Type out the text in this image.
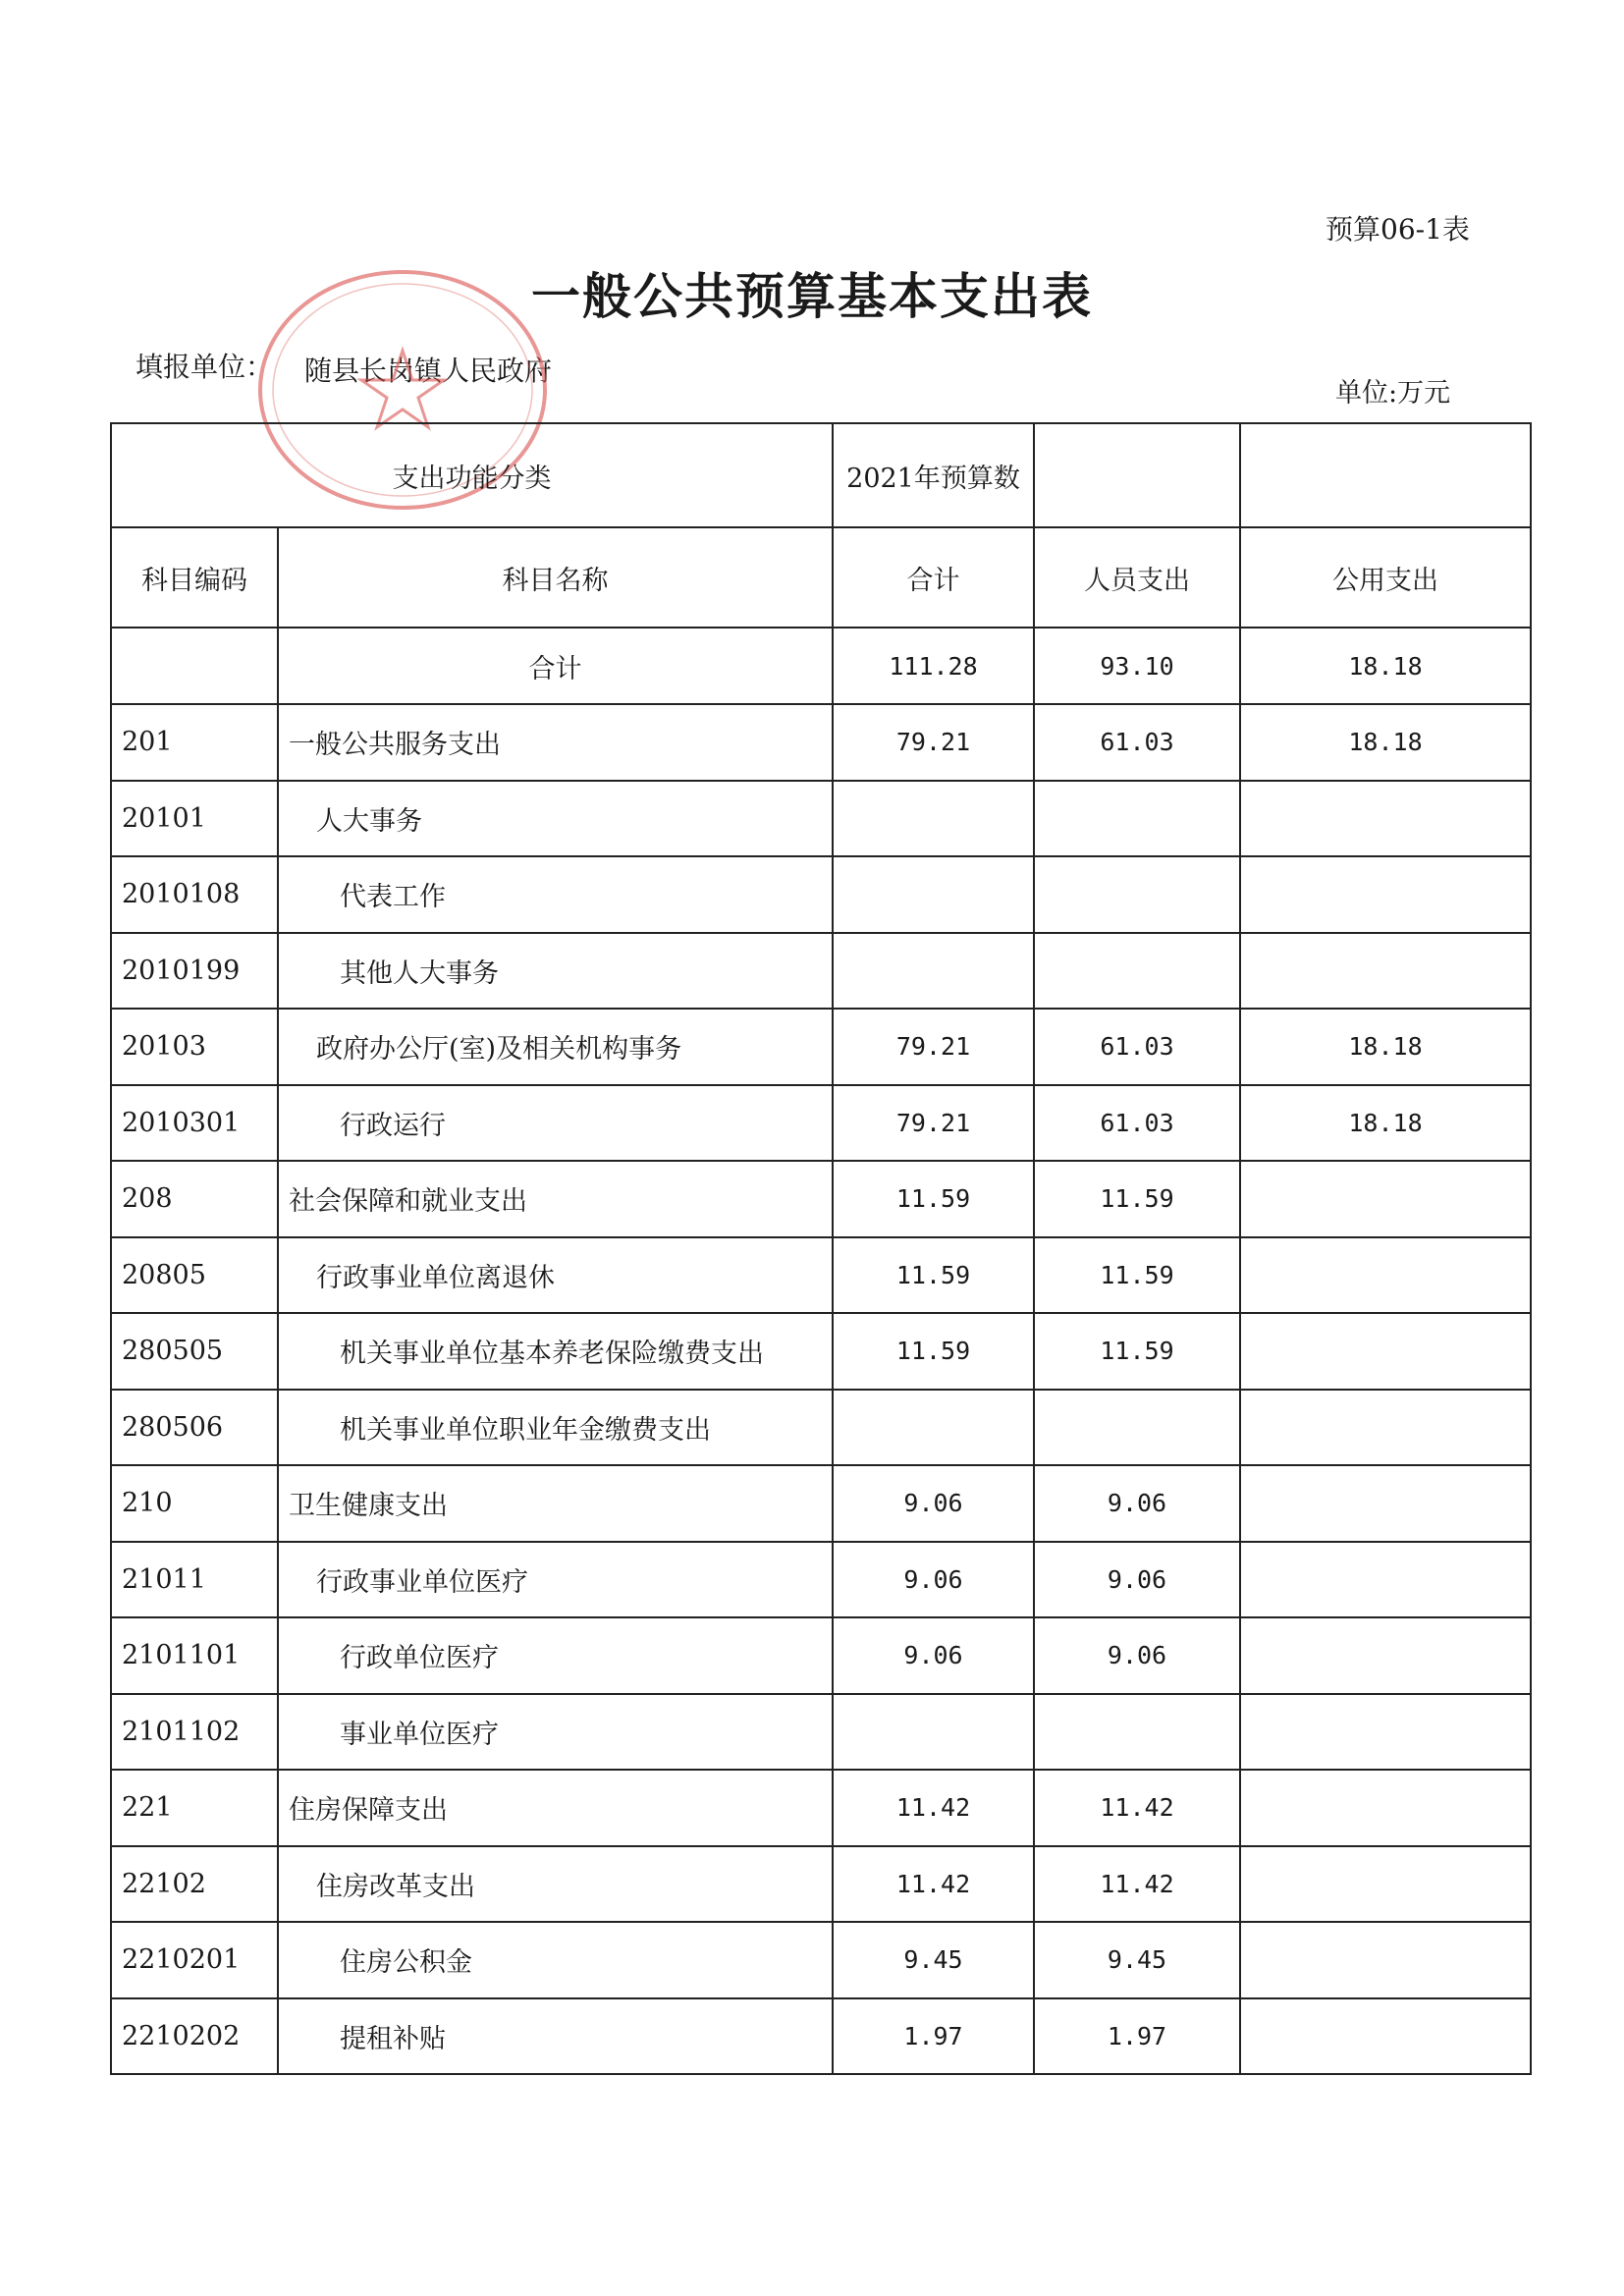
预算06-1表
一般公共预算基本支出表
填报单位： 随县长岗镇人民政府
单位:万元
支出功能分类		2021年预算数		
科目编码	科目名称	合计	人员支出	公用支出
	合计	111.28	93.10	18.18
201	一般公共服务支出	79.21	61.03	18.18
20101	人大事务			
2010108	代表工作			
2010199	其他人大事务			
20103	政府办公厅(室)及相关机构事务	79.21	61.03	18.18
2010301	行政运行	79.21	61.03	18.18
208	社会保障和就业支出	11.59	11.59	
20805	行政事业单位离退休	11.59	11.59	
280505	机关事业单位基本养老保险缴费支出	11.59	11.59	
280506	机关事业单位职业年金缴费支出			
210	卫生健康支出	9.06	9.06	
21011	行政事业单位医疗	9.06	9.06	
2101101	行政单位医疗	9.06	9.06	
2101102	事业单位医疗			
221	住房保障支出	11.42	11.42	
22102	住房改革支出	11.42	11.42	
2210201	住房公积金	9.45	9.45	
2210202	提租补贴	1.97	1.97	
